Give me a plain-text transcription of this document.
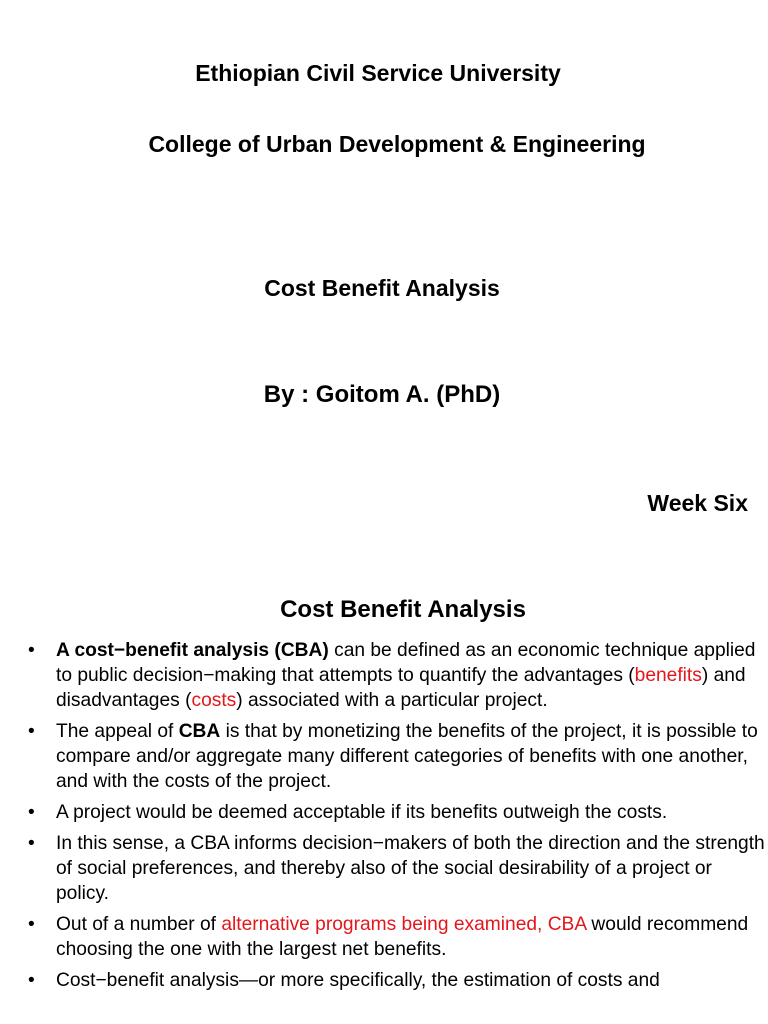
Ethiopian Civil Service University

College of Urban Development & Engineering

Cost Benefit Analysis

By : Goitom A. (PhD)

Week Six

Cost Benefit Analysis

• A cost−benefit analysis (CBA) can be defined as an economic technique applied to public decision−making that attempts to quantify the advantages (benefits) and disadvantages (costs) associated with a particular project.
• The appeal of CBA is that by monetizing the benefits of the project, it is possible to compare and/or aggregate many different categories of benefits with one another, and with the costs of the project.
• A project would be deemed acceptable if its benefits outweigh the costs.
• In this sense, a CBA informs decision−makers of both the direction and the strength of social preferences, and thereby also of the social desirability of a project or policy.
• Out of a number of alternative programs being examined, CBA would recommend choosing the one with the largest net benefits.
• Cost−benefit analysis—or more specifically, the estimation of costs and
